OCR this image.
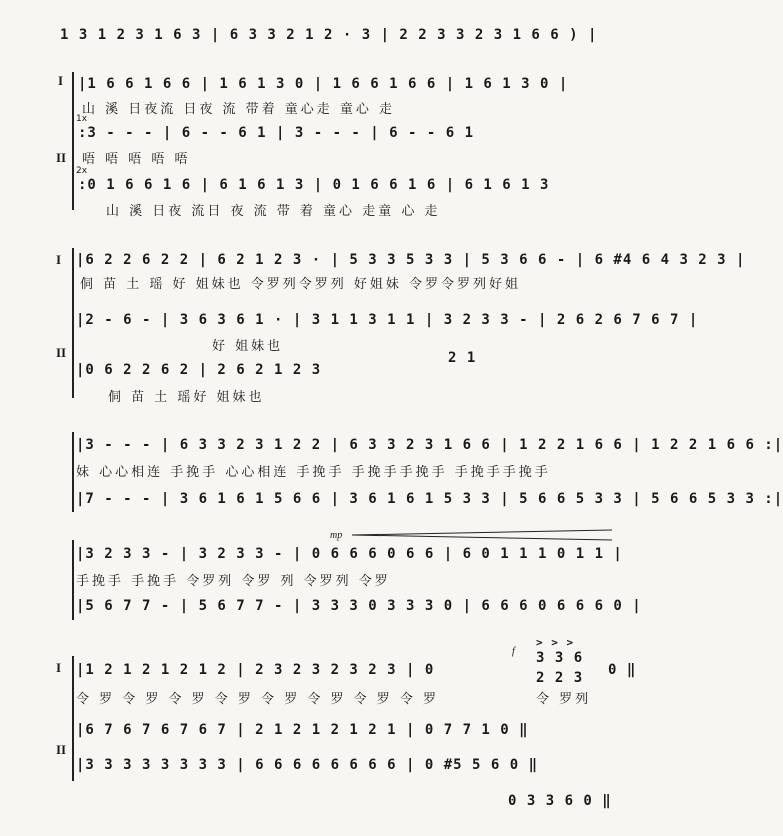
1 3 1 2 3 1 6 3 | 6 3 3 2 1 2 · 3 | 2 2 3 3 2 3 1 6 6 ) |
I
II
|1 6 6 1 6 6 | 1 6 1 3 0 | 1 6 6 1 6 6 | 1 6 1 3 0 |
山 溪 日夜流 日夜 流 带着 童心走 童心 走
1x
:3 - - - | 6 - - 6 1 | 3 - - - | 6 - - 6 1
唔 唔 唔 唔 唔
2x
:0 1 6 6 1 6 | 6 1 6 1 3 | 0 1 6 6 1 6 | 6 1 6 1 3
山 溪 日夜 流日 夜 流 带 着 童心 走童 心 走
I
II
|6 2 2 6 2 2 | 6 2 1 2 3 · | 5 3 3 5 3 3 | 5 3 6 6 - | 6 #4 6 4 3 2 3 |
侗 苗 土 瑶 好 姐妹也 令罗列令罗列 好姐妹 令罗令罗列好姐
|2 - 6 - | 3 6 3 6 1 · | 3 1 1 3 1 1 | 3 2 3 3 - | 2 6 2 6 7 6 7 |
好 姐妹也
2 1
|0 6 2 2 6 2 | 2 6 2 1 2 3
侗 苗 土 瑶好 姐妹也
|3 - - - | 6 3 3 2 3 1 2 2 | 6 3 3 2 3 1 6 6 | 1 2 2 1 6 6 | 1 2 2 1 6 6 :|
妹 心心相连 手挽手 心心相连 手挽手 手挽手手挽手 手挽手手挽手
|7 - - - | 3 6 1 6 1 5 6 6 | 3 6 1 6 1 5 3 3 | 5 6 6 5 3 3 | 5 6 6 5 3 3 :|
mp
|3 2 3 3 - | 3 2 3 3 - | 0 6 6 6 0 6 6 | 6 0 1 1 1 0 1 1 |
手挽手 手挽手 令罗列 令罗 列 令罗列 令罗
|5 6 7 7 - | 5 6 7 7 - | 3 3 3 0 3 3 3 0 | 6 6 6 0 6 6 6 0 |
I
II
|1 2 1 2 1 2 1 2 | 2 3 2 3 2 3 2 3 | 0
令 罗 令 罗 令 罗 令 罗 令 罗 令 罗 令 罗 令 罗
|6 7 6 7 6 7 6 7 | 2 1 2 1 2 1 2 1 | 0 7 7 1 0 ‖
|3 3 3 3 3 3 3 3 | 6 6 6 6 6 6 6 6 | 0 #5 5 6 0 ‖
0 3 3 6 0 ‖
f
> > >
3 3 6
2 2 3
令 罗列
0 ‖
